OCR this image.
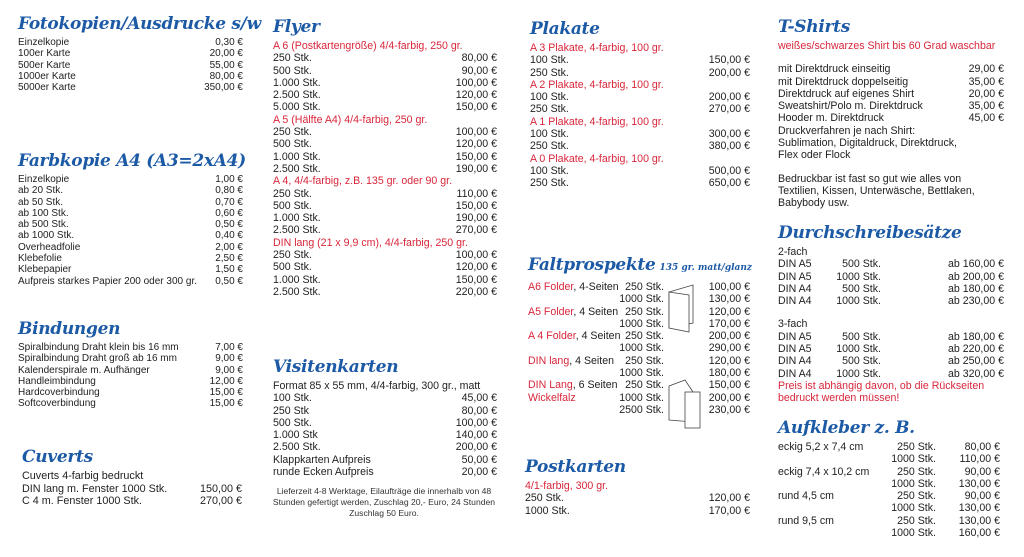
Fotokopien/Ausdrucke s/w
Einzelkopie	0,30 €
100er Karte	20,00 €
500er Karte	55,00 €
1000er Karte	80,00 €
5000er Karte	350,00 €
Farbkopie A4 (A3=2xA4)
Einzelkopie	1,00 €
ab 20 Stk.	0,80 €
ab 50 Stk.	0,70 €
ab 100 Stk.	0,60 €
ab 500 Stk.	0,50 €
ab 1000 Stk.	0,40 €
Overheadfolie	2,00 €
Klebefolie	2,50 €
Klebepapier	1,50 €
Aufpreis starkes Papier 200 oder 300 gr.	0,50 €
Bindungen
Spiralbindung Draht klein bis 16 mm	7,00 €
Spiralbindung Draht groß ab 16 mm	9,00 €
Kalenderspirale m. Aufhänger	9,00 €
Handleimbindung	12,00 €
Hardcoverbindung	15,00 €
Softcoverbindung	15,00 €
Cuverts
Cuverts 4-farbig bedruckt
DIN lang m. Fenster 1000 Stk.	150,00 €
C 4 m. Fenster 1000 Stk.	270,00 €
Flyer
A 6 (Postkartengröße) 4/4-farbig, 250 gr.
250 Stk.	80,00 €
500 Stk.	90,00 €
1.000 Stk.	100,00 €
2.500 Stk.	120,00 €
5.000 Stk.	150,00 €
A 5 (Hälfte A4) 4/4-farbig, 250 gr.
250 Stk.	100,00 €
500 Stk.	120,00 €
1.000 Stk.	150,00 €
2.500 Stk.	190,00 €
A 4, 4/4-farbig, z.B. 135 gr. oder 90 gr.
250 Stk.	110,00 €
500 Stk.	150,00 €
1.000 Stk.	190,00 €
2.500 Stk.	270,00 €
DIN lang (21 x 9,9 cm), 4/4-farbig, 250 gr.
250 Stk.	100,00 €
500 Stk.	120,00 €
1.000 Stk.	150,00 €
2.500 Stk.	220,00 €
Visitenkarten
Format 85 x 55 mm, 4/4-farbig, 300 gr., matt
100 Stk.	45,00 €
250 Stk	80,00 €
500 Stk.	100,00 €
1.000 Stk	140,00 €
2.500 Stk.	200,00 €
Klappkarten Aufpreis	50,00 €
runde Ecken Aufpreis	20,00 €
Lieferzeit 4-8 Werktage, Eilaufträge die innerhalb von 48 Stunden gefertigt werden, Zuschlag 20,- Euro, 24 Stunden Zuschlag 50 Euro.
Plakate
A 3 Plakate, 4-farbig, 100 gr.
100 Stk.	150,00 €
250 Stk.	200,00 €
A 2 Plakate, 4-farbig, 100 gr.
100 Stk.	200,00 €
250 Stk.	270,00 €
A 1 Plakate, 4-farbig, 100 gr.
100 Stk.	300,00 €
250 Stk.	380,00 €
A 0 Plakate, 4-farbig, 100 gr.
100 Stk.	500,00 €
250 Stk.	650,00 €
Faltprospekte 135 gr. matt/glanz
A6 Folder, 4-Seiten 250 Stk.	100,00 €
1000 Stk.	130,00 €
A5 Folder, 4 Seiten 250 Stk.	120,00 €
1000 Stk.	170,00 €
A 4 Folder, 4 Seiten 250 Stk.	200,00 €
1000 Stk.	290,00 €
DIN lang, 4 Seiten	250 Stk.	120,00 €
1000 Stk.	180,00 €
DIN Lang, 6 Seiten 250 Stk.	150,00 €
Wickelfalz	1000 Stk.	200,00 €
2500 Stk.	230,00 €
Postkarten
4/1-farbig, 300 gr.
250 Stk.	120,00 €
1000 Stk.	170,00 €
T-Shirts
weißes/schwarzes Shirt bis 60 Grad waschbar
mit Direktdruck einseitig	29,00 €
mit Direktdruck doppelseitig	35,00 €
Direktdruck auf eigenes Shirt	20,00 €
Sweatshirt/Polo m. Direktdruck	35,00 €
Hooder m. Direktdruck	45,00 €
Druckverfahren je nach Shirt:
Sublimation, Digitaldruck, Direktdruck,
Flex oder Flock
Bedruckbar ist fast so gut wie alles von
Textilien, Kissen, Unterwäsche, Bettlaken,
Babybody usw.
Durchschreibesätze
2-fach
DIN A5	500 Stk.	ab 160,00 €
DIN A5	1000 Stk.	ab 200,00 €
DIN A4	500 Stk.	ab 180,00 €
DIN A4	1000 Stk.	ab 230,00 €
3-fach
DIN A5	500 Stk.	ab 180,00 €
DIN A5	1000 Stk.	ab 220,00 €
DIN A4	500 Stk.	ab 250,00 €
DIN A4	1000 Stk.	ab 320,00 €
Preis ist abhängig davon, ob die Rückseiten
bedruckt werden müssen!
Aufkleber z. B.
eckig 5,2 x 7,4 cm	250 Stk.	80,00 €
1000 Stk.	110,00 €
eckig 7,4 x 10,2 cm	250 Stk.	90,00 €
1000 Stk.	130,00 €
rund 4,5 cm	250 Stk.	90,00 €
1000 Stk.	130,00 €
rund 9,5 cm	250 Stk.	130,00 €
1000 Stk.	160,00 €
